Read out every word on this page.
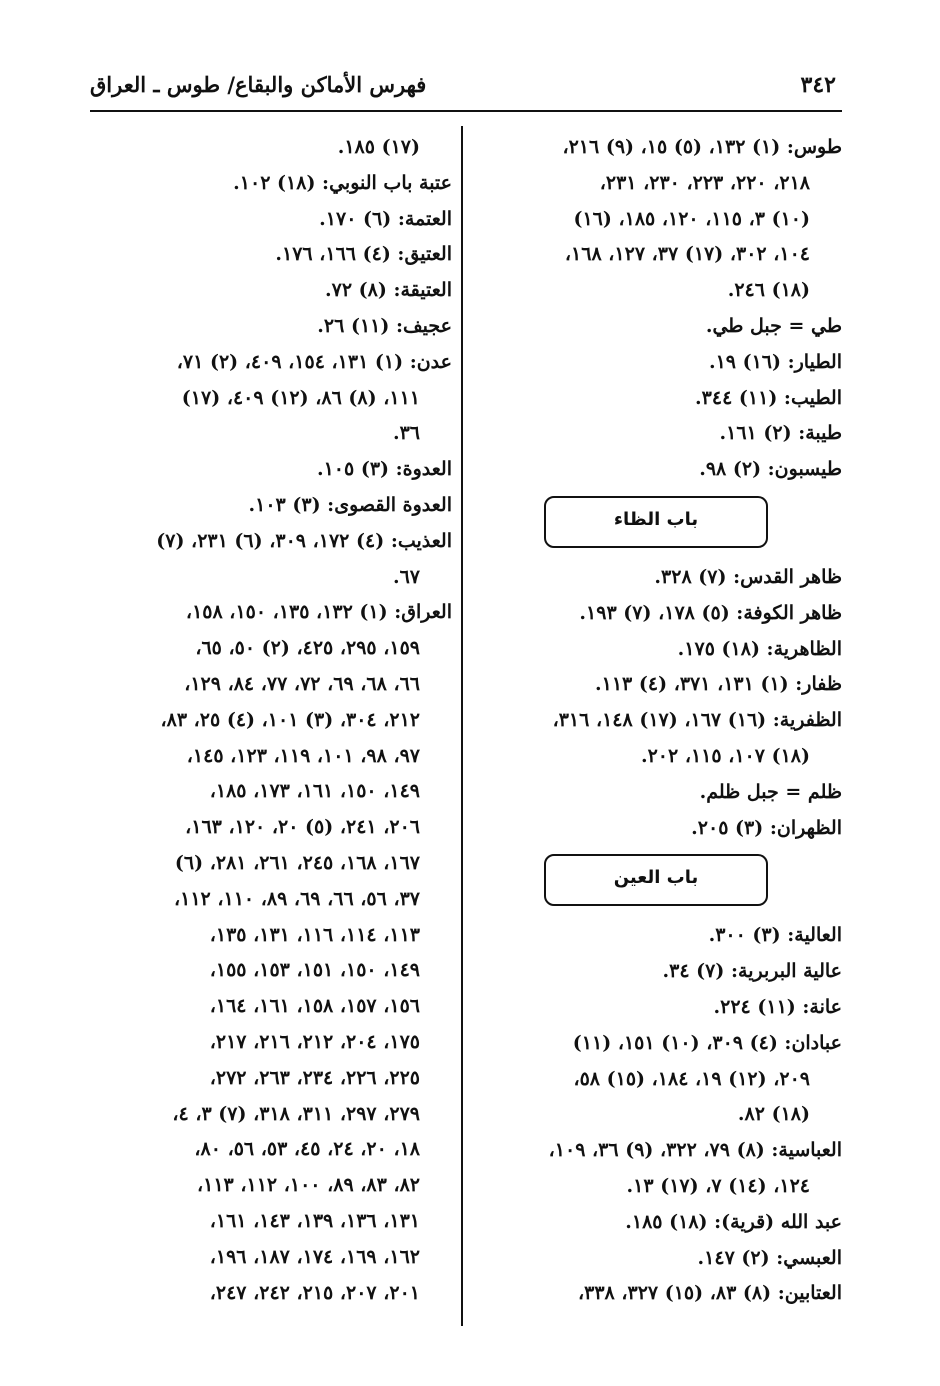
فهرس الأماكن والبقاع/ طوس ـ العراق	٣٤٢
طوس: (١) ١٣٢، (٥) ١٥، (٩) ٢١٦،
٢١٨، ٢٢٠، ٢٢٣، ٢٣٠، ٢٣١،
(١٠) ٣، ١١٥، ١٢٠، ١٨٥، (١٦)
١٠٤، ٣٠٢، (١٧) ٣٧، ١٢٧، ١٦٨،
(١٨) ٢٤٦.
طي = جبل طي.
الطيار: (١٦) ١٩.
الطيب: (١١) ٣٤٤.
طيبة: (٢) ١٦١.
طيسبون: (٢) ٩٨.
باب الظاء
ظاهر القدس: (٧) ٣٢٨.
ظاهر الكوفة: (٥) ١٧٨، (٧) ١٩٣.
الظاهرية: (١٨) ١٧٥.
ظفار: (١) ١٣١، ٣٧١، (٤) ١١٣.
الظفرية: (١٦) ١٦٧، (١٧) ١٤٨، ٣١٦،
(١٨) ١٠٧، ١١٥، ٢٠٢.
ظلم = جبل ظلم.
الظهران: (٣) ٢٠٥.
باب العين
العالية: (٣) ٣٠٠.
عالية البربرية: (٧) ٣٤.
عانة: (١١) ٢٢٤.
عبادان: (٤) ٣٠٩، (١٠) ١٥١، (١١)
٢٠٩، (١٢) ١٩، ١٨٤، (١٥) ٥٨،
(١٨) ٨٢.
العباسية: (٨) ٧٩، ٣٢٢، (٩) ٣٦، ١٠٩،
١٢٤، (١٤) ٧، (١٧) ١٣.
عبد الله (قرية): (١٨) ١٨٥.
العبسي: (٢) ١٤٧.
العتابين: (٨) ٨٣، (١٥) ٣٢٧، ٣٣٨،
(١٧) ١٨٥.
عتبة باب النوبي: (١٨) ١٠٢.
العتمة: (٦) ١٧٠.
العتيق: (٤) ١٦٦، ١٧٦.
العتيقة: (٨) ٧٢.
عجيف: (١١) ٢٦.
عدن: (١) ١٣١، ١٥٤، ٤٠٩، (٢) ٧١،
١١١، (٨) ٨٦، (١٢) ٤٠٩، (١٧)
٣٦.
العدوة: (٣) ١٠٥.
العدوة القصوى: (٣) ١٠٣.
العذيب: (٤) ١٧٢، ٣٠٩، (٦) ٢٣١، (٧)
٦٧.
العراق: (١) ١٣٢، ١٣٥، ١٥٠، ١٥٨،
١٥٩، ٢٩٥، ٤٢٥، (٢) ٥٠، ٦٥،
٦٦، ٦٨، ٦٩، ٧٢، ٧٧، ٨٤، ١٢٩،
٢١٢، ٣٠٤، (٣) ١٠١، (٤) ٢٥، ٨٣،
٩٧، ٩٨، ١٠١، ١١٩، ١٢٣، ١٤٥،
١٤٩، ١٥٠، ١٦١، ١٧٣، ١٨٥،
٢٠٦، ٢٤١، (٥) ٢٠، ١٢٠، ١٦٣،
١٦٧، ١٦٨، ٢٤٥، ٢٦١، ٢٨١، (٦)
٣٧، ٥٦، ٦٦، ٦٩، ٨٩، ١١٠، ١١٢،
١١٣، ١١٤، ١١٦، ١٣١، ١٣٥،
١٤٩، ١٥٠، ١٥١، ١٥٣، ١٥٥،
١٥٦، ١٥٧، ١٥٨، ١٦١، ١٦٤،
١٧٥، ٢٠٤، ٢١٢، ٢١٦، ٢١٧،
٢٢٥، ٢٢٦، ٢٣٤، ٢٦٣، ٢٧٢،
٢٧٩، ٢٩٧، ٣١١، ٣١٨، (٧) ٣، ٤،
١٨، ٢٠، ٢٤، ٤٥، ٥٣، ٥٦، ٨٠،
٨٢، ٨٣، ٨٩، ١٠٠، ١١٢، ١١٣،
١٣١، ١٣٦، ١٣٩، ١٤٣، ١٦١،
١٦٢، ١٦٩، ١٧٤، ١٨٧، ١٩٦،
٢٠١، ٢٠٧، ٢١٥، ٢٤٢، ٢٤٧،
